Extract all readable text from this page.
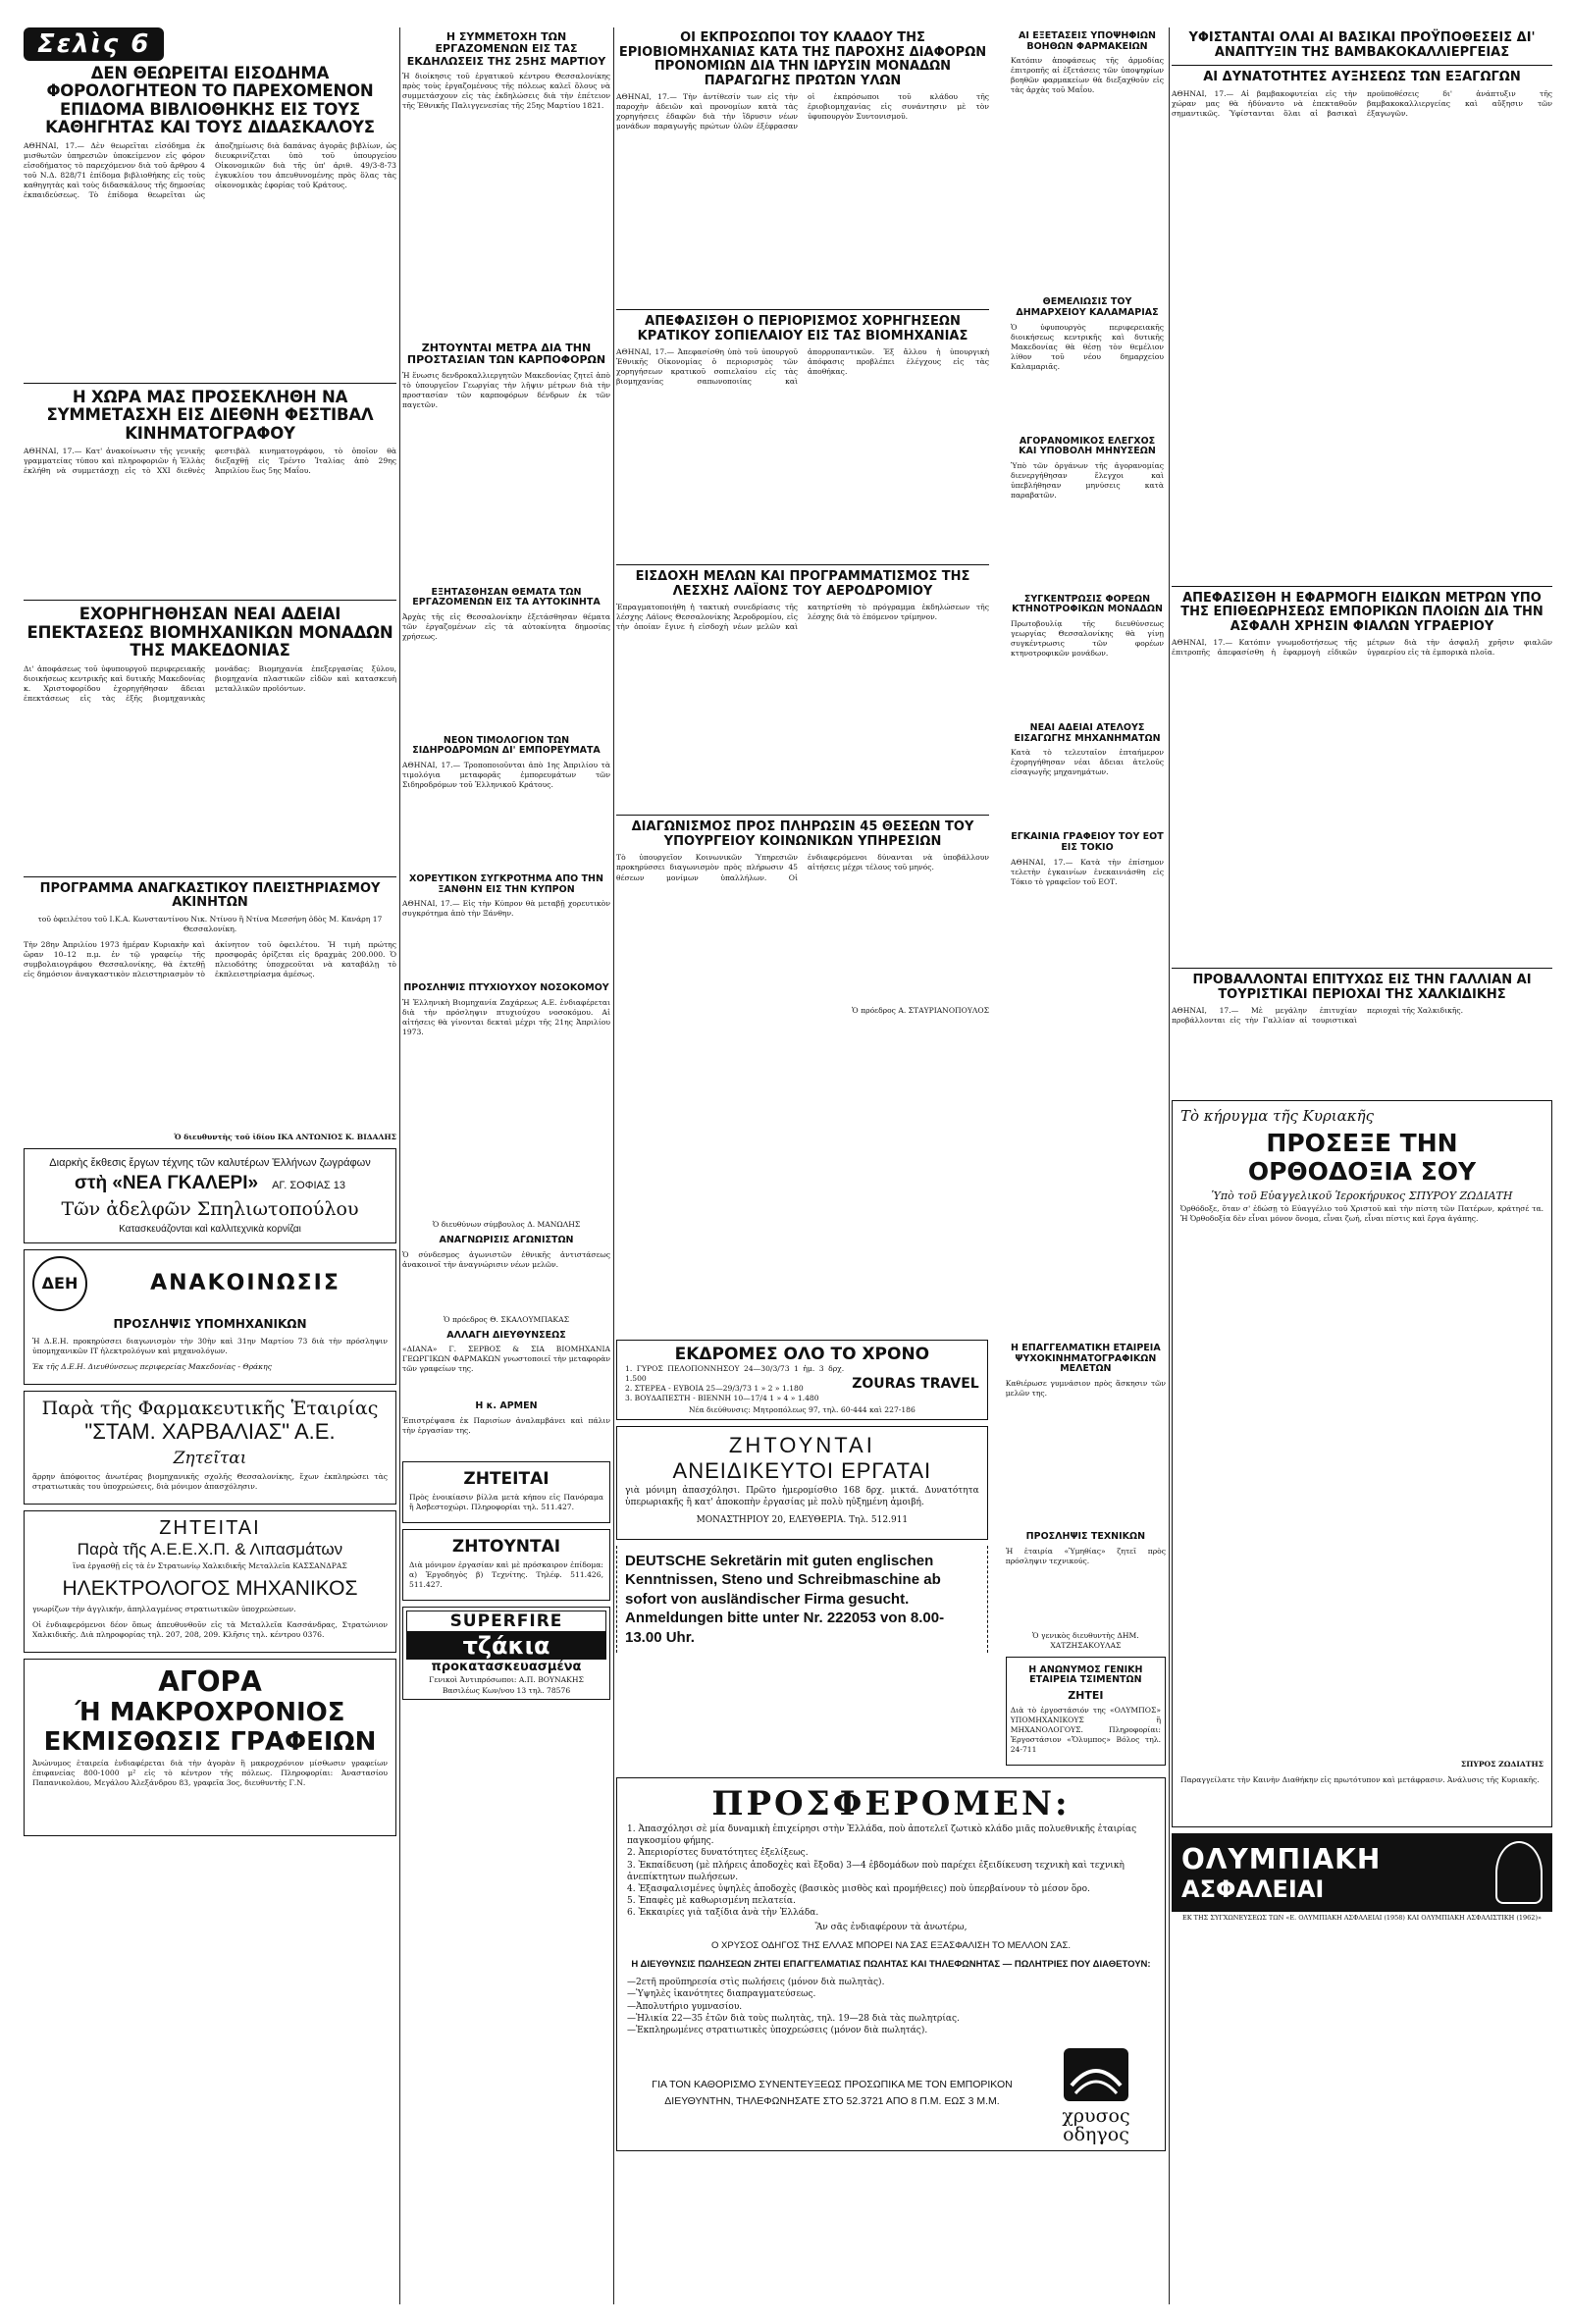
Σελὶς 6
ΔΕΝ ΘΕΩΡΕΙΤΑΙ ΕΙΣΟΔΗΜΑ ΦΟΡΟΛΟΓΗΤΕΟΝ ΤΟ ΠΑΡΕΧΟΜΕΝΟΝ ΕΠΙΔΟΜΑ ΒΙΒΛΙΟΘΗΚΗΣ ΕΙΣ ΤΟΥΣ ΚΑΘΗΓΗΤΑΣ ΚΑΙ ΤΟΥΣ ΔΙΔΑΣΚΑΛΟΥΣ
ΑΘΗΝΑΙ, 17.— Δὲν θεωρεῖται εἰσόδημα ἐκ μισθωτῶν ὑπηρεσιῶν ὑποκείμενον εἰς φόρον εἰσοδήματος τὸ παρεχόμενον διὰ τοῦ ἄρθρου 4 τοῦ Ν.Δ. 828/71 ἐπίδομα βιβλιοθήκης εἰς τοὺς καθηγητὰς καὶ τοὺς διδασκάλους τῆς δημοσίας ἐκπαιδεύσεως. Τὸ ἐπίδομα θεωρεῖται ὡς ἀποζημίωσις διὰ δαπάνας ἀγορᾶς βιβλίων, ὡς διευκρινίζεται ὑπὸ τοῦ ὑπουργείου Οἰκονομικῶν διὰ τῆς ὑπ' ἀριθ. 49/3-8-73 ἐγκυκλίου του ἀπευθυνομένης πρὸς ὅλας τὰς οἰκονομικὰς ἐφορίας τοῦ Κράτους.
Η ΧΩΡΑ ΜΑΣ ΠΡΟΣΕΚΛΗΘΗ ΝΑ ΣΥΜΜΕΤΑΣΧΗ ΕΙΣ ΔΙΕΘΝΗ ΦΕΣΤΙΒΑΛ ΚΙΝΗΜΑΤΟΓΡΑΦΟΥ
ΑΘΗΝΑΙ, 17.— Κατ' ἀνακοίνωσιν τῆς γενικῆς γραμματείας τύπου καὶ πληροφοριῶν ἡ Ἑλλὰς ἐκλήθη νὰ συμμετάσχῃ εἰς τὸ ΧΧΙ διεθνὲς φεστιβὰλ κινηματογράφου, τὸ ὁποῖον θὰ διεξαχθῇ εἰς Τρέντο Ἰταλίας ἀπὸ 29ης Ἀπριλίου ἕως 5ης Μαΐου.
ΕΧΟΡΗΓΗΘΗΣΑΝ ΝΕΑΙ ΑΔΕΙΑΙ ΕΠΕΚΤΑΣΕΩΣ ΒΙΟΜΗΧΑΝΙΚΩΝ ΜΟΝΑΔΩΝ ΤΗΣ ΜΑΚΕΔΟΝΙΑΣ
Δι' ἀποφάσεως τοῦ ὑφυπουργοῦ περιφερειακῆς διοικήσεως κεντρικῆς καὶ δυτικῆς Μακεδονίας κ. Χριστοφορίδου ἐχορηγήθησαν ἄδειαι ἐπεκτάσεως εἰς τὰς ἑξῆς βιομηχανικὰς μονάδας: Βιομηχανία ἐπεξεργασίας ξύλου, βιομηχανία πλαστικῶν εἰδῶν καὶ κατασκευὴ μεταλλικῶν προϊόντων.
ΠΡΟΓΡΑΜΜΑ ΑΝΑΓΚΑΣΤΙΚΟΥ ΠΛΕΙΣΤΗΡΙΑΣΜΟΥ ΑΚΙΝΗΤΩΝ
τοῦ ὀφειλέτου τοῦ Ι.Κ.Α. Κωνσταντίνου Νικ. Ντίνου ἢ Ντίνα Μεσσήνη ὁδὸς Μ. Κανάρη 17 Θεσσαλονίκη.
Τὴν 28ην Ἀπριλίου 1973 ἡμέραν Κυριακὴν καὶ ὥραν 10–12 π.μ. ἐν τῷ γραφείῳ τῆς συμβολαιογράφου Θεσσαλονίκης, θὰ ἐκτεθῇ εἰς δημόσιον ἀναγκαστικὸν πλειστηριασμὸν τὸ ἀκίνητον τοῦ ὀφειλέτου. Ἡ τιμὴ πρώτης προσφορᾶς ὁρίζεται εἰς δραχμὰς 200.000. Ὁ πλειοδότης ὑποχρεοῦται νὰ καταβάλῃ τὸ ἐκπλειστηρίασμα ἀμέσως.
Ὁ διευθυντὴς τοῦ ἰδίου ΙΚΑ ΑΝΤΩΝΙΟΣ Κ. ΒΙΔΑΛΗΣ
Διαρκὴς ἔκθεσις ἔργων τέχνης τῶν καλυτέρων Ἑλλήνων ζωγράφων
στὴ «ΝΕΑ ΓΚΑΛΕΡΙ» ΑΓ. ΣΟΦΙΑΣ 13
Τῶν ἀδελφῶν Σπηλιωτοπούλου
Κατασκευάζονται καὶ καλλιτεχνικὰ κορνίζαι
ΔΕΗ	ΑΝΑΚΟΙΝΩΣΙΣ
ΠΡΟΣΛΗΨΙΣ ΥΠΟΜΗΧΑΝΙΚΩΝ
Ἡ Δ.Ε.Η. προκηρύσσει διαγωνισμὸν τὴν 30ὴν καὶ 31ην Μαρτίου 73 διὰ τὴν πρόσληψιν ὑπομηχανικῶν ΙΤ ἠλεκτρολόγων καὶ μηχανολόγων.
Ἐκ τῆς Δ.Ε.Η. Διευθύνσεως περιφερείας Μακεδονίας - Θράκης
Παρὰ τῆς Φαρμακευτικῆς Ἑταιρίας
"ΣΤΑΜ. ΧΑΡΒΑΛΙΑΣ" Α.Ε.
Ζητεῖται
ἄρρην ἀπόφοιτος ἀνωτέρας βιομηχανικῆς σχολῆς Θεσσαλονίκης, ἔχων ἐκπληρώσει τὰς στρατιωτικὰς του ὑποχρεώσεις, διὰ μόνιμον ἀπασχόλησιν.
ΖΗΤΕΙΤΑΙ
Παρὰ τῆς Α.Ε.Ε.Χ.Π. & Λιπασμάτων
ἵνα ἐργασθῇ εἰς τὰ ἐν Στρατωνίῳ Χαλκιδικῆς Μεταλλεῖα ΚΑΣΣΑΝΔΡΑΣ
ΗΛΕΚΤΡΟΛΟΓΟΣ ΜΗΧΑΝΙΚΟΣ
γνωρίζων τὴν ἀγγλικήν, ἀπηλλαγμένος στρατιωτικῶν ὑποχρεώσεων.
Οἱ ἐνδιαφερόμενοι δέον ὅπως ἀπευθυνθοῦν εἰς τὰ Μεταλλεῖα Κασσάνδρας, Στρατώνιον Χαλκιδικῆς. Διὰ πληροφορίας τηλ. 207, 208, 209. Κλῆσις τηλ. κέντρου 0376.
ΑΓΟΡΑ
Ή ΜΑΚΡΟΧΡΟΝΙΟΣ
ΕΚΜΙΣΘΩΣΙΣ ΓΡΑΦΕΙΩΝ
Ἀνώνυμος ἑταιρεία ἐνδιαφέρεται διὰ τὴν ἀγορὰν ἢ μακροχρόνιον μίσθωσιν γραφείων ἐπιφανείας 800-1000 μ² εἰς τὸ κέντρον τῆς πόλεως. Πληροφορίαι: Ἀναστασίου Παπανικολάου, Μεγάλου Ἀλεξάνδρου 83, γραφεῖα 3ος, διευθυντὴς Γ.Ν.
Η ΣΥΜΜΕΤΟΧΗ ΤΩΝ ΕΡΓΑΖΟΜΕΝΩΝ ΕΙΣ ΤΑΣ ΕΚΔΗΛΩΣΕΙΣ ΤΗΣ 25ΗΣ ΜΑΡΤΙΟΥ
Ἡ διοίκησις τοῦ ἐργατικοῦ κέντρου Θεσσαλονίκης πρὸς τοὺς ἐργαζομένους τῆς πόλεως καλεῖ ὅλους νὰ συμμετάσχουν εἰς τὰς ἐκδηλώσεις διὰ τὴν ἐπέτειον τῆς Ἐθνικῆς Παλιγγενεσίας τῆς 25ης Μαρτίου 1821.
ΖΗΤΟΥΝΤΑΙ ΜΕΤΡΑ ΔΙΑ ΤΗΝ ΠΡΟΣΤΑΣΙΑΝ ΤΩΝ ΚΑΡΠΟΦΟΡΩΝ
Ἡ ἕνωσις δενδροκαλλιεργητῶν Μακεδονίας ζητεῖ ἀπὸ τὸ ὑπουργεῖον Γεωργίας τὴν λῆψιν μέτρων διὰ τὴν προστασίαν τῶν καρποφόρων δένδρων ἐκ τῶν παγετῶν.
ΕΞΗΤΑΣΘΗΣΑΝ ΘΕΜΑΤΑ ΤΩΝ ΕΡΓΑΖΟΜΕΝΩΝ ΕΙΣ ΤΑ ΑΥΤΟΚΙΝΗΤΑ
Ἀρχὰς τῆς εἰς Θεσσαλονίκην ἐξετάσθησαν θέματα τῶν ἐργαζομένων εἰς τὰ αὐτοκίνητα δημοσίας χρήσεως.
ΝΕΟΝ ΤΙΜΟΛΟΓΙΟΝ ΤΩΝ ΣΙΔΗΡΟΔΡΟΜΩΝ ΔΙ' ΕΜΠΟΡΕΥΜΑΤΑ
ΑΘΗΝΑΙ, 17.— Τροποποιοῦνται ἀπὸ 1ης Ἀπριλίου τὰ τιμολόγια μεταφορᾶς ἐμπορευμάτων τῶν Σιδηροδρόμων τοῦ Ἑλληνικοῦ Κράτους.
ΧΟΡΕΥΤΙΚΟΝ ΣΥΓΚΡΟΤΗΜΑ ΑΠΟ ΤΗΝ ΞΑΝΘΗΝ ΕΙΣ ΤΗΝ ΚΥΠΡΟΝ
ΑΘΗΝΑΙ, 17.— Εἰς τὴν Κύπρον θὰ μεταβῇ χορευτικὸν συγκρότημα ἀπὸ τὴν Ξάνθην.
ΠΡΟΣΛΗΨΙΣ ΠΤΥΧΙΟΥΧΟΥ ΝΟΣΟΚΟΜΟΥ
Ἡ Ἑλληνικὴ Βιομηχανία Ζαχάρεως Α.Ε. ἐνδιαφέρεται διὰ τὴν πρόσληψιν πτυχιούχου νοσοκόμου. Αἱ αἰτήσεις θὰ γίνονται δεκταὶ μέχρι τῆς 21ης Ἀπριλίου 1973.
Ὁ διευθύνων σύμβουλος Δ. ΜΑΝΩΛΗΣ
ΑΝΑΓΝΩΡΙΣΙΣ ΑΓΩΝΙΣΤΩΝ
Ὁ σύνδεσμος ἀγωνιστῶν ἐθνικῆς ἀντιστάσεως ἀνακοινοῖ τὴν ἀναγνώρισιν νέων μελῶν.
Ὁ πρόεδρος Θ. ΣΚΑΛΟΥΜΠΑΚΑΣ
ΑΛΛΑΓΗ ΔΙΕΥΘΥΝΣΕΩΣ
«ΔΙΑΝΑ» Γ. ΣΕΡΒΟΣ & ΣΙΑ ΒΙΟΜΗΧΑΝΙΑ ΓΕΩΡΓΙΚΩΝ ΦΑΡΜΑΚΩΝ γνωστοποιεῖ τὴν μεταφορὰν τῶν γραφείων της.
Η κ. ΑΡΜΕΝ
Ἐπιστρέψασα ἐκ Παρισίων ἀναλαμβάνει καὶ πάλιν τὴν ἐργασίαν της.
ΖΗΤΕΙΤΑΙ
Πρὸς ἐνοικίασιν βίλλα μετὰ κήπου εἰς Πανόραμα ἢ Ἀσβεστοχώρι. Πληροφορίαι τηλ. 511.427.
ΖΗΤΟΥΝΤΑΙ
Διὰ μόνιμον ἐργασίαν καὶ μὲ πρόσκαιρον ἐπίδομα: α) Ἐργοδηγὸς β) Τεχνίτης. Τηλέφ. 511.426, 511.427.
SUPERFIRE
τζάκια
προκατασκευασμένα
Γενικοὶ Ἀντιπρόσωποι: Α.Π. ΒΟΥΝΑΚΗΣ
Βασιλέως Κων/νου 13 τηλ. 78576
ΟΙ ΕΚΠΡΟΣΩΠΟΙ ΤΟΥ ΚΛΑΔΟΥ ΤΗΣ ΕΡΙΟΒΙΟΜΗΧΑΝΙΑΣ ΚΑΤΑ ΤΗΣ ΠΑΡΟΧΗΣ ΔΙΑΦΟΡΩΝ ΠΡΟΝΟΜΙΩΝ ΔΙΑ ΤΗΝ ΙΔΡΥΣΙΝ ΜΟΝΑΔΩΝ ΠΑΡΑΓΩΓΗΣ ΠΡΩΤΩΝ ΥΛΩΝ
ΑΘΗΝΑΙ, 17.— Τὴν ἀντίθεσίν των εἰς τὴν παροχὴν ἀδειῶν καὶ προνομίων κατὰ τὰς χορηγήσεις ἐδαφῶν διὰ τὴν ἵδρυσιν νέων μονάδων παραγωγῆς πρώτων ὑλῶν ἐξέφρασαν οἱ ἐκπρόσωποι τοῦ κλάδου τῆς ἐριοβιομηχανίας εἰς συνάντησιν μὲ τὸν ὑφυπουργὸν Συντονισμοῦ.
ΑΠΕΦΑΣΙΣΘΗ Ο ΠΕΡΙΟΡΙΣΜΟΣ ΧΟΡΗΓΗΣΕΩΝ ΚΡΑΤΙΚΟΥ ΣΟΠΙΕΛΑΙΟΥ ΕΙΣ ΤΑΣ ΒΙΟΜΗΧΑΝΙΑΣ
ΑΘΗΝΑΙ, 17.— Ἀπεφασίσθη ὑπὸ τοῦ ὑπουργοῦ Ἐθνικῆς Οἰκονομίας ὁ περιορισμὸς τῶν χορηγήσεων κρατικοῦ σοπιελαίου εἰς τὰς βιομηχανίας σαπωνοποιίας καὶ ἀπορρυπαντικῶν. Ἐξ ἄλλου ἡ ὑπουργικὴ ἀπόφασις προβλέπει ἐλέγχους εἰς τὰς ἀποθήκας.
ΕΙΣΔΟΧΗ ΜΕΛΩΝ ΚΑΙ ΠΡΟΓΡΑΜΜΑΤΙΣΜΟΣ ΤΗΣ ΛΕΣΧΗΣ ΛΑΪΟΝΣ ΤΟΥ ΑΕΡΟΔΡΟΜΙΟΥ
Ἐπραγματοποιήθη ἡ τακτικὴ συνεδρίασις τῆς λέσχης Λάϊονς Θεσσαλονίκης Ἀεροδρομίου, εἰς τὴν ὁποίαν ἔγινε ἡ εἰσδοχὴ νέων μελῶν καὶ κατηρτίσθη τὸ πρόγραμμα ἐκδηλώσεων τῆς λέσχης διὰ τὸ ἐπόμενον τρίμηνον.
ΔΙΑΓΩΝΙΣΜΟΣ ΠΡΟΣ ΠΛΗΡΩΣΙΝ 45 ΘΕΣΕΩΝ ΤΟΥ ΥΠΟΥΡΓΕΙΟΥ ΚΟΙΝΩΝΙΚΩΝ ΥΠΗΡΕΣΙΩΝ
Τὸ ὑπουργεῖον Κοινωνικῶν Ὑπηρεσιῶν προκηρύσσει διαγωνισμὸν πρὸς πλήρωσιν 45 θέσεων μονίμων ὑπαλλήλων. Οἱ ἐνδιαφερόμενοι δύνανται νὰ ὑποβάλλουν αἰτήσεις μέχρι τέλους τοῦ μηνός.
Ὁ πρόεδρος Α. ΣΤΑΥΡΙΑΝΟΠΟΥΛΟΣ
ΑΙ ΕΞΕΤΑΣΕΙΣ ΥΠΟΨΗΦΙΩΝ ΒΟΗΘΩΝ ΦΑΡΜΑΚΕΙΩΝ
Κατόπιν ἀποφάσεως τῆς ἁρμοδίας ἐπιτροπῆς αἱ ἐξετάσεις τῶν ὑποψηφίων βοηθῶν φαρμακείων θὰ διεξαχθοῦν εἰς τὰς ἀρχὰς τοῦ Μαΐου.
ΘΕΜΕΛΙΩΣΙΣ ΤΟΥ ΔΗΜΑΡΧΕΙΟΥ ΚΑΛΑΜΑΡΙΑΣ
Ὁ ὑφυπουργὸς περιφερειακῆς διοικήσεως κεντρικῆς καὶ δυτικῆς Μακεδονίας θὰ θέσῃ τὸν θεμέλιον λίθον τοῦ νέου δημαρχείου Καλαμαριᾶς.
ΑΓΟΡΑΝΟΜΙΚΟΣ ΕΛΕΓΧΟΣ ΚΑΙ ΥΠΟΒΟΛΗ ΜΗΝΥΣΕΩΝ
Ὑπὸ τῶν ὀργάνων τῆς ἀγορανομίας διενεργήθησαν ἔλεγχοι καὶ ὑπεβλήθησαν μηνύσεις κατὰ παραβατῶν.
ΣΥΓΚΕΝΤΡΩΣΙΣ ΦΟΡΕΩΝ ΚΤΗΝΟΤΡΟΦΙΚΩΝ ΜΟΝΑΔΩΝ
Πρωτοβουλίᾳ τῆς διευθύνσεως γεωργίας Θεσσαλονίκης θὰ γίνῃ συγκέντρωσις τῶν φορέων κτηνοτροφικῶν μονάδων.
ΝΕΑΙ ΑΔΕΙΑΙ ΑΤΕΛΟΥΣ ΕΙΣΑΓΩΓΗΣ ΜΗΧΑΝΗΜΑΤΩΝ
Κατὰ τὸ τελευταῖον ἐπταήμερον ἐχορηγήθησαν νέαι ἄδειαι ἀτελοῦς εἰσαγωγῆς μηχανημάτων.
ΕΓΚΑΙΝΙΑ ΓΡΑΦΕΙΟΥ ΤΟΥ ΕΟΤ ΕΙΣ ΤΟΚΙΟ
ΑΘΗΝΑΙ, 17.— Κατὰ τὴν ἐπίσημον τελετὴν ἐγκαινίων ἐνεκαινιάσθη εἰς Τόκιο τὸ γραφεῖον τοῦ ΕΟΤ.
ΕΚΔΡΟΜΕΣ ΟΛΟ ΤΟ ΧΡΟΝΟ
1. ΓΥΡΟΣ ΠΕΛΟΠΟΝΝΗΣΟΥ 24—30/3/73 1 ἡμ. 3 δρχ. 1.500
2. ΣΤΕΡΕΑ - ΕΥΒΟΙΑ 25—29/3/73 1 » 2 » 1.180
3. ΒΟΥΔΑΠΕΣΤΗ - ΒΙΕΝΝΗ 10—17/4 1 » 4 » 1.480
ZOURAS TRAVEL
Νέα διεύθυνσις: Μητροπόλεως 97, τηλ. 60-444 καὶ 227-186
ΖΗΤΟΥΝΤΑΙ
ΑΝΕΙΔΙΚΕΥΤΟΙ ΕΡΓΑΤΑΙ
γιὰ μόνιμη ἀπασχόλησι. Πρῶτο ἡμερομίσθιο 168 δρχ. μικτά. Δυνατότητα ὑπερωριακῆς ἢ κατ' ἀποκοπὴν ἐργασίας μὲ πολὺ ηὐξημένη ἀμοιβή.
ΜΟΝΑΣΤΗΡΙΟΥ 20, ΕΛΕΥΘΕΡΙΑ. Τηλ. 512.911
DEUTSCHE Sekretärin mit guten englischen Kenntnissen, Steno und Schreibmaschine ab sofort von ausländischer Firma gesucht. Anmeldungen bitte unter Nr. 222053 von 8.00-13.00 Uhr.
Η ΕΠΑΓΓΕΛΜΑΤΙΚΗ ΕΤΑΙΡΕΙΑ ΨΥΧΟΚΙΝΗΜΑΤΟΓΡΑΦΙΚΩΝ ΜΕΛΕΤΩΝ
Καθιέρωσε γυμνάσιον πρὸς ἄσκησιν τῶν μελῶν της.
ΠΡΟΣΛΗΨΙΣ ΤΕΧΝΙΚΩΝ
Ἡ ἑταιρία «Ὑμηθίας» ζητεῖ πρὸς πρόσληψιν τεχνικούς.
Ὁ γενικὸς διευθυντὴς ΔΗΜ. ΧΑΤΖΗΣΑΚΟΥΛΑΣ
Η ΑΝΩΝΥΜΟΣ ΓΕΝΙΚΗ ΕΤΑΙΡΕΙΑ ΤΣΙΜΕΝΤΩΝ
ΖΗΤΕΙ
Διὰ τὸ ἐργοστάσιόν της «ΟΛΥΜΠΟΣ» ΥΠΟΜΗΧΑΝΙΚΟΥΣ ἢ ΜΗΧΑΝΟΛΟΓΟΥΣ. Πληροφορίαι: Ἐργοστάσιον «Ὄλυμπος» Βόλος τηλ. 24-711
ΠΡΟΣΦΕΡΟΜΕΝ:
1. Ἀπασχόλησι σὲ μία δυναμικὴ ἐπιχείρησι στὴν Ἑλλάδα, ποὺ ἀποτελεῖ ζωτικὸ κλάδο μιᾶς πολυεθνικῆς ἑταιρίας παγκοσμίου φήμης.
2. Ἀπεριορίστες δυνατότητες ἐξελίξεως.
3. Ἐκπαίδευση (μὲ πλήρεις ἀποδοχὲς καὶ ἔξοδα) 3—4 ἑβδομάδων ποὺ παρέχει ἐξειδίκευση τεχνικὴ καὶ τεχνικὴ ἀνεπίκτητων πωλήσεων.
4. Ἐξασφαλισμένες ὑψηλὲς ἀποδοχὲς (βασικὸς μισθὸς καὶ προμήθειες) ποὺ ὑπερβαίνουν τὸ μέσον ὅρο.
5. Ἐπαφὲς μὲ καθωρισμένη πελατεία.
6. Ἐκκαιρίες γιὰ ταξίδια ἀνὰ τὴν Ἑλλάδα.
Ἂν σᾶς ἐνδιαφέρουν τὰ ἀνωτέρω,
Ο ΧΡΥΣΟΣ ΟΔΗΓΟΣ ΤΗΣ ΕΛΛΑΣ ΜΠΟΡΕΙ ΝΑ ΣΑΣ ΕΞΑΣΦΑΛΙΣΗ ΤΟ ΜΕΛΛΟΝ ΣΑΣ.
Η ΔΙΕΥΘΥΝΣΙΣ ΠΩΛΗΣΕΩΝ ΖΗΤΕΙ ΕΠΑΓΓΕΛΜΑΤΙΑΣ ΠΩΛΗΤΑΣ ΚΑΙ ΤΗΛΕΦΩΝΗΤΑΣ — ΠΩΛΗΤΡΙΕΣ ΠΟΥ ΔΙΑΘΕΤΟΥΝ:
—2ετῆ προϋπηρεσία στὶς πωλήσεις (μόνον διὰ πωλητὰς).
—Ὑψηλὲς ἱκανότητες διαπραγματεύσεως.
—Ἀπολυτήριο γυμνασίου.
—Ἡλικία 22—35 ἐτῶν διὰ τοὺς πωλητὰς, τηλ. 19—28 διὰ τὰς πωλητρίας.
—Ἐκπληρωμένες στρατιωτικὲς ὑποχρεώσεις (μόνον διὰ πωλητάς).
ΓΙΑ ΤΟΝ ΚΑΘΟΡΙΣΜΟ ΣΥΝΕΝΤΕΥΞΕΩΣ ΠΡΟΣΩΠΙΚΑ ΜΕ ΤΟΝ ΕΜΠΟΡΙΚΟΝ ΔΙΕΥΘΥΝΤΗΝ, ΤΗΛΕΦΩΝΗΣΑΤΕ ΣΤΟ 52.3721 ΑΠΟ 8 Π.Μ. ΕΩΣ 3 Μ.Μ.
χρυσος
οδηγος
ΥΦΙΣΤΑΝΤΑΙ ΟΛΑΙ ΑΙ ΒΑΣΙΚΑΙ ΠΡΟΫΠΟΘΕΣΕΙΣ ΔΙ' ΑΝΑΠΤΥΞΙΝ ΤΗΣ ΒΑΜΒΑΚΟΚΑΛΛΙΕΡΓΕΙΑΣ
ΑΙ ΔΥΝΑΤΟΤΗΤΕΣ ΑΥΞΗΣΕΩΣ ΤΩΝ ΕΞΑΓΩΓΩΝ
ΑΘΗΝΑΙ, 17.— Αἱ βαμβακοφυτείαι εἰς τὴν χώραν μας θὰ ἠδύναντο νὰ ἐπεκταθοῦν σημαντικῶς. Ὑφίστανται ὅλαι αἱ βασικαὶ προϋποθέσεις δι' ἀνάπτυξιν τῆς βαμβακοκαλλιεργείας καὶ αὔξησιν τῶν ἐξαγωγῶν.
ΑΠΕΦΑΣΙΣΘΗ Η ΕΦΑΡΜΟΓΗ ΕΙΔΙΚΩΝ ΜΕΤΡΩΝ ΥΠΟ ΤΗΣ ΕΠΙΘΕΩΡΗΣΕΩΣ ΕΜΠΟΡΙΚΩΝ ΠΛΟΙΩΝ ΔΙΑ ΤΗΝ ΑΣΦΑΛΗ ΧΡΗΣΙΝ ΦΙΑΛΩΝ ΥΓΡΑΕΡΙΟΥ
ΑΘΗΝΑΙ, 17.— Κατόπιν γνωμοδοτήσεως τῆς ἐπιτροπῆς ἀπεφασίσθη ἡ ἐφαρμογὴ εἰδικῶν μέτρων διὰ τὴν ἀσφαλῆ χρῆσιν φιαλῶν ὑγραερίου εἰς τὰ ἐμπορικὰ πλοῖα.
ΠΡΟΒΑΛΛΟΝΤΑΙ ΕΠΙΤΥΧΩΣ ΕΙΣ ΤΗΝ ΓΑΛΛΙΑΝ ΑΙ ΤΟΥΡΙΣΤΙΚΑΙ ΠΕΡΙΟΧΑΙ ΤΗΣ ΧΑΛΚΙΔΙΚΗΣ
ΑΘΗΝΑΙ, 17.— Μὲ μεγάλην ἐπιτυχίαν προβάλλονται εἰς τὴν Γαλλίαν αἱ τουριστικαὶ περιοχαὶ τῆς Χαλκιδικῆς.
Τὸ κήρυγμα τῆς Κυριακῆς
ΠΡΟΣΕΞΕ ΤΗΝ ΟΡΘΟΔΟΞΙΑ ΣΟΥ
Ὑπὸ τοῦ Εὐαγγελικοῦ Ἱεροκήρυκος ΣΠΥΡΟΥ ΖΩΔΙΑΤΗ
Ὀρθόδοξε, ὅταν σ' ἐδώσῃ τὸ Εὐαγγέλιο τοῦ Χριστοῦ καὶ τὴν πίστη τῶν Πατέρων, κράτησέ τα. Ἡ Ὀρθοδοξία δὲν εἶναι μόνον ὄνομα, εἶναι ζωή, εἶναι πίστις καὶ ἔργα ἀγάπης.
ΣΠΥΡΟΣ ΖΩΔΙΑΤΗΣ
Παραγγείλατε τὴν Καινὴν Διαθήκην εἰς πρωτότυπον καὶ μετάφρασιν. Ἀνάλυσις τῆς Κυριακῆς.
ΟΛΥΜΠΙΑΚΗ
ΑΣΦΑΛΕΙΑΙ
ΕΚ ΤΗΣ ΣΥΓΧΩΝΕΥΣΕΩΣ ΤΩΝ «Ε. ΟΛΥΜΠΙΑΚΗ ΑΣΦΑΛΕΙΑΙ (1958) ΚΑΙ ΟΛΥΜΠΙΑΚΗ ΑΣΦΑΛΙΣΤΙΚΗ (1962)»
